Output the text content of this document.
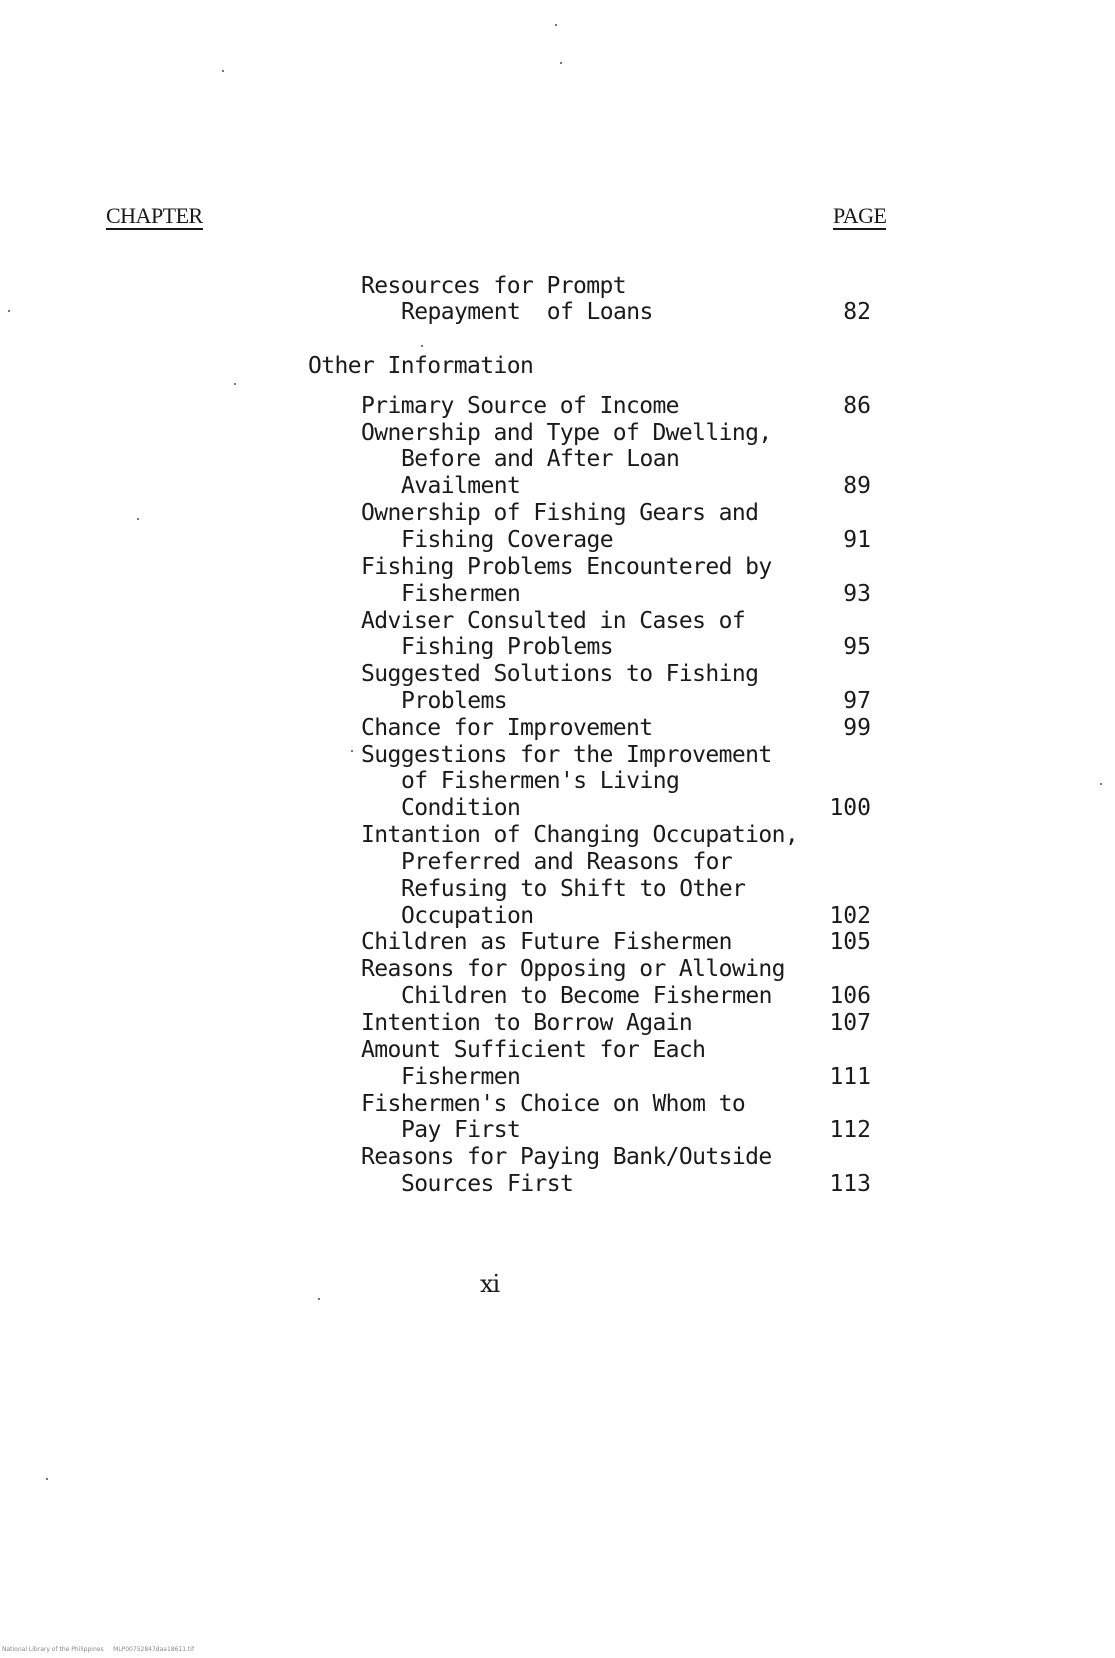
CHAPTER	PAGE
Resources for Prompt
Repayment  of Loans	82
Other Information
Primary Source of Income	86
Ownership and Type of Dwelling,
Before and After Loan
Availment	89
Ownership of Fishing Gears and
Fishing Coverage	91
Fishing Problems Encountered by
Fishermen	93
Adviser Consulted in Cases of
Fishing Problems	95
Suggested Solutions to Fishing
Problems	97
Chance for Improvement	99
Suggestions for the Improvement
of Fishermen's Living
Condition	100
Intantion of Changing Occupation,
Preferred and Reasons for
Refusing to Shift to Other
Occupation	102
Children as Future Fishermen	105
Reasons for Opposing or Allowing
Children to Become Fishermen	106
Intention to Borrow Again	107
Amount Sufficient for Each
Fishermen	111
Fishermen's Choice on Whom to
Pay First	112
Reasons for Paying Bank/Outside
Sources First	113
xi
National Library of the Philippines     MLP00752847daa18611.tif
